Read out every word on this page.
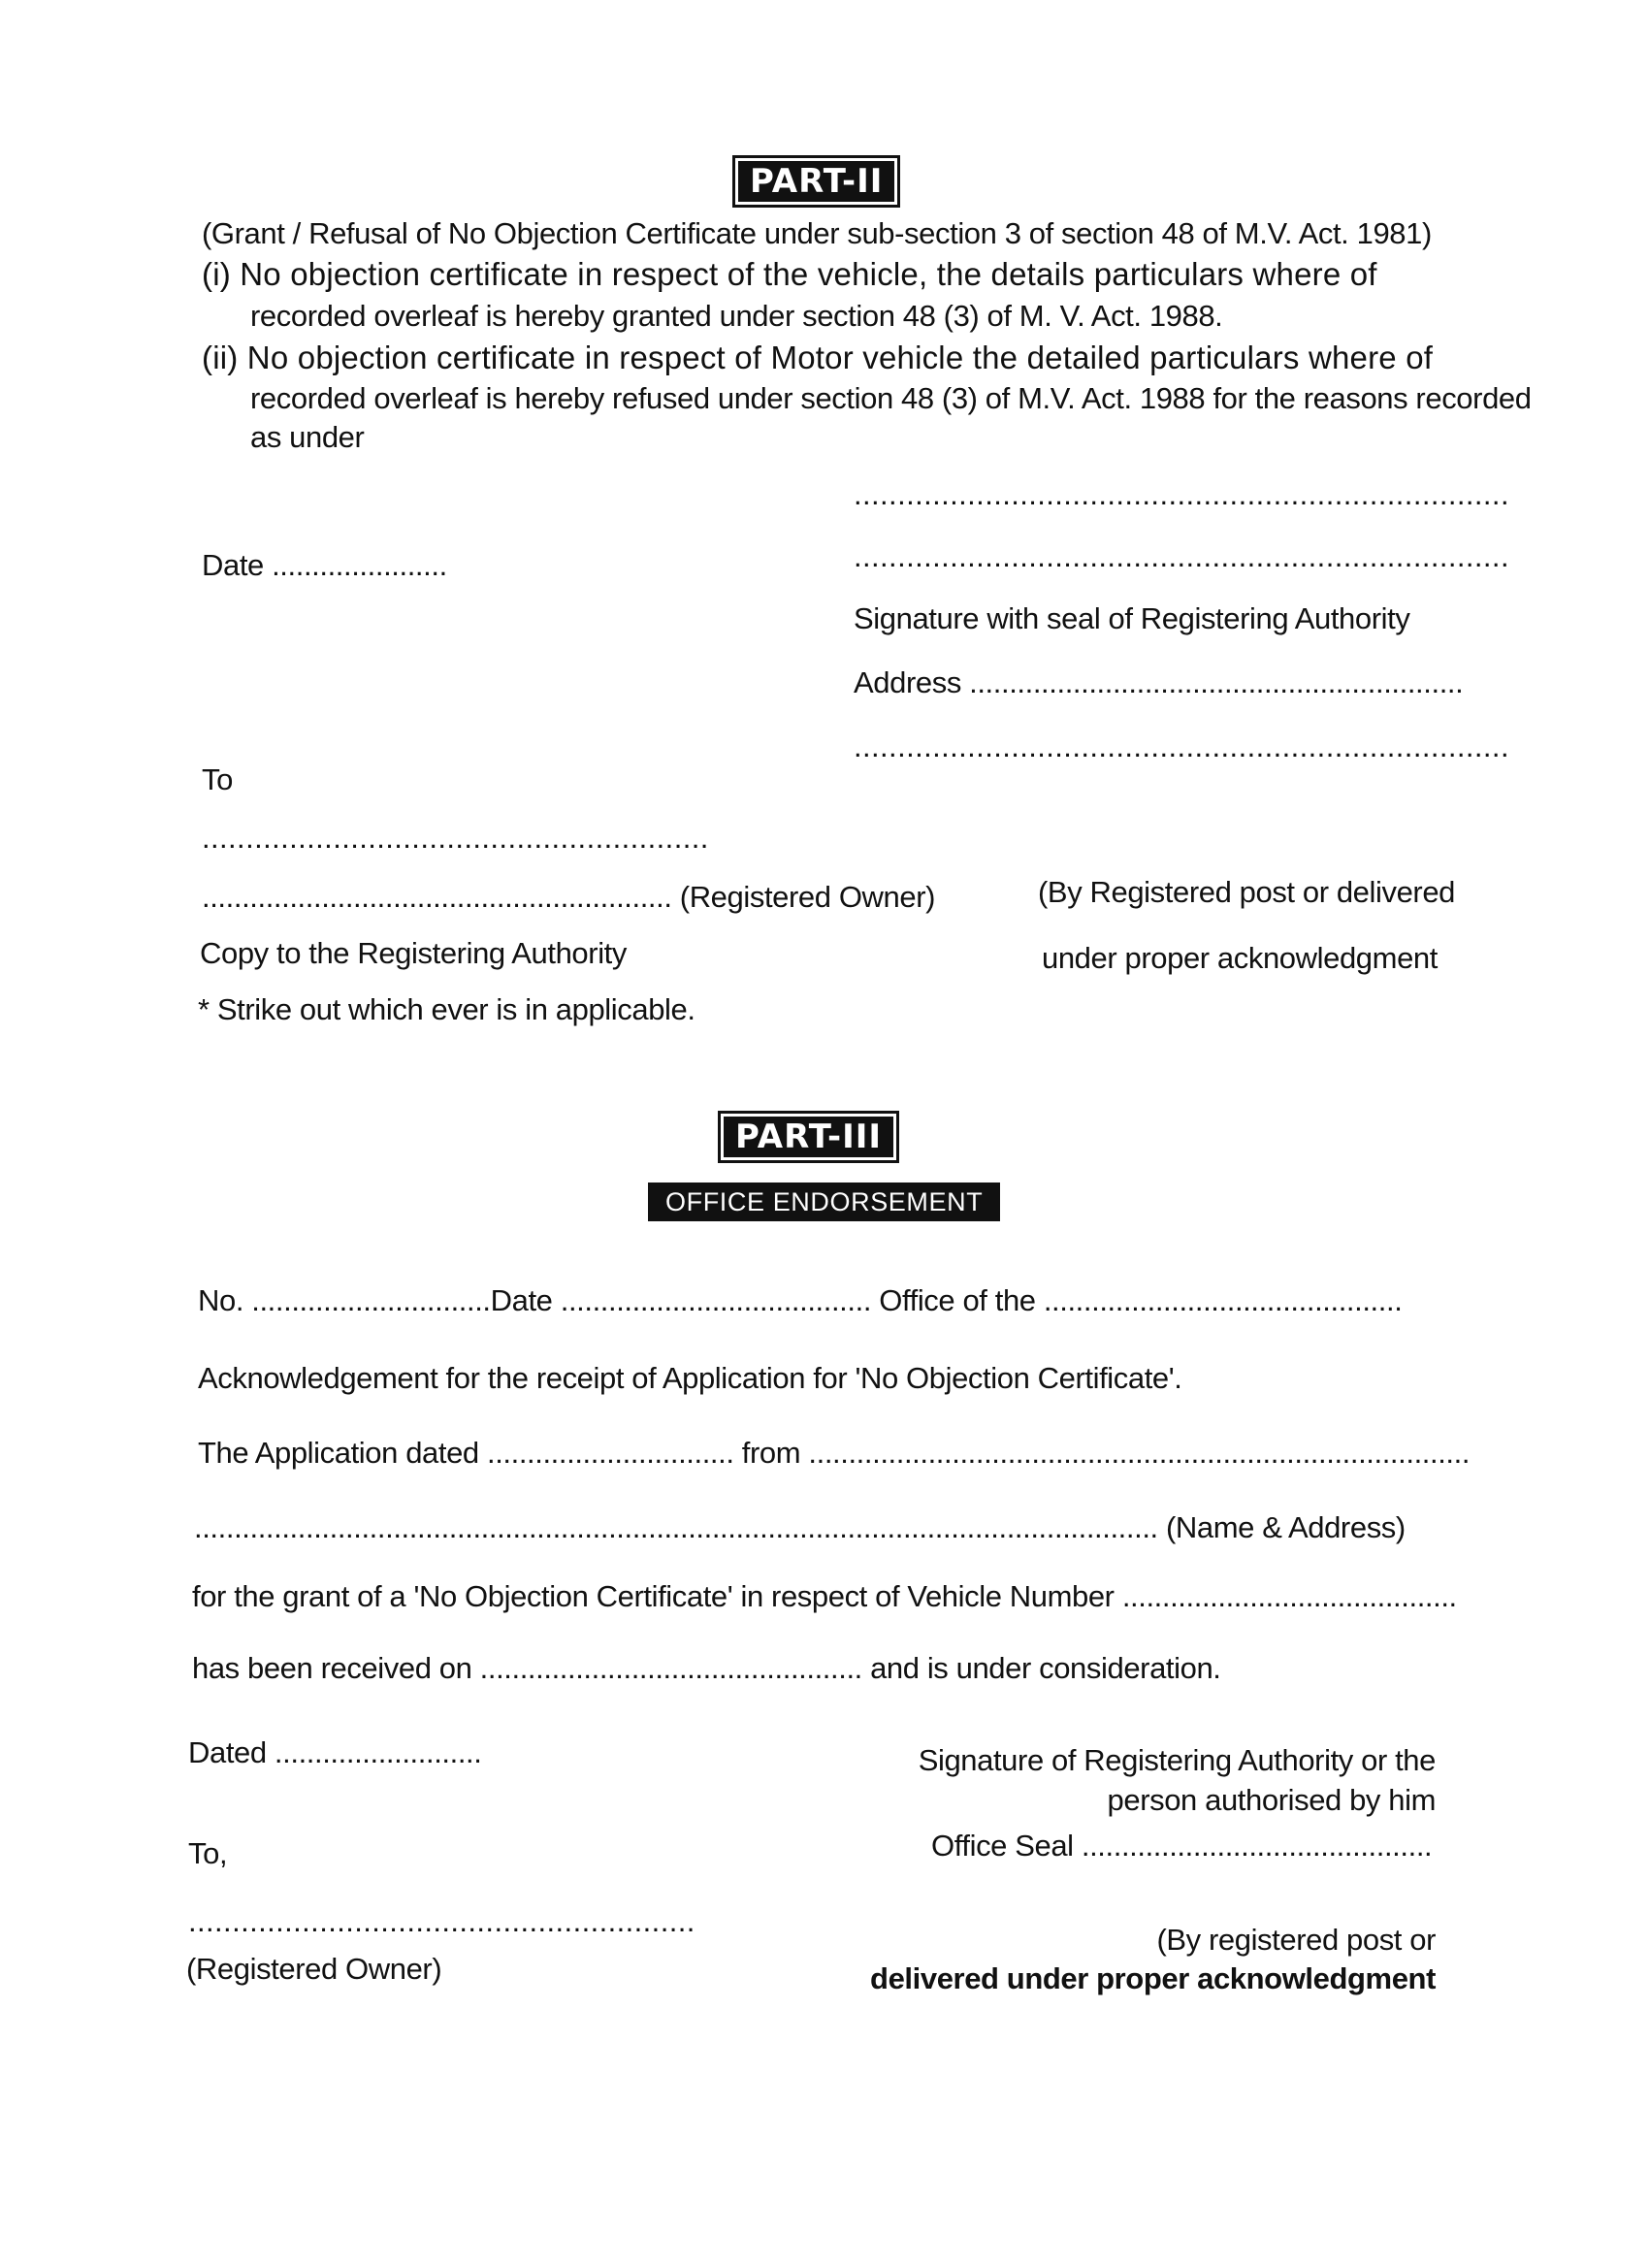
PART-II
(Grant / Refusal of No Objection Certificate under sub-section 3 of section 48 of M.V. Act. 1981)
(i) No objection certificate in respect of the vehicle, the details particulars where of
recorded overleaf is hereby granted under section 48 (3) of M. V. Act. 1988.
(ii) No objection certificate in respect of Motor vehicle the detailed particulars where of
recorded overleaf is hereby refused under section 48 (3) of M.V. Act. 1988 for the reasons recorded
as under
...........................................................................
Date ......................	...........................................................................
Signature with seal of Registering Authority
Address ..............................................................
...........................................................................
To
..........................................................
........................................................... (Registered Owner)	(By Registered post or delivered
under proper acknowledgment
Copy to the Registering Authority
* Strike out which ever is in applicable.
PART-III
OFFICE ENDORSEMENT
No. ..............................Date ....................................... Office of the .............................................
Acknowledgement for the receipt of Application for 'No Objection Certificate'.
The Application dated ............................... from ...................................................................................
......................................................................................................................... (Name & Address)
for the grant of a 'No Objection Certificate' in respect of Vehicle Number ..........................................
has been received on ................................................ and is under consideration.
Dated ..........................	Signature of Registering Authority or the
person authorised by him
Office Seal ............................................
To,
..........................................................
(Registered Owner)
(By registered post or
delivered under proper acknowledgment
